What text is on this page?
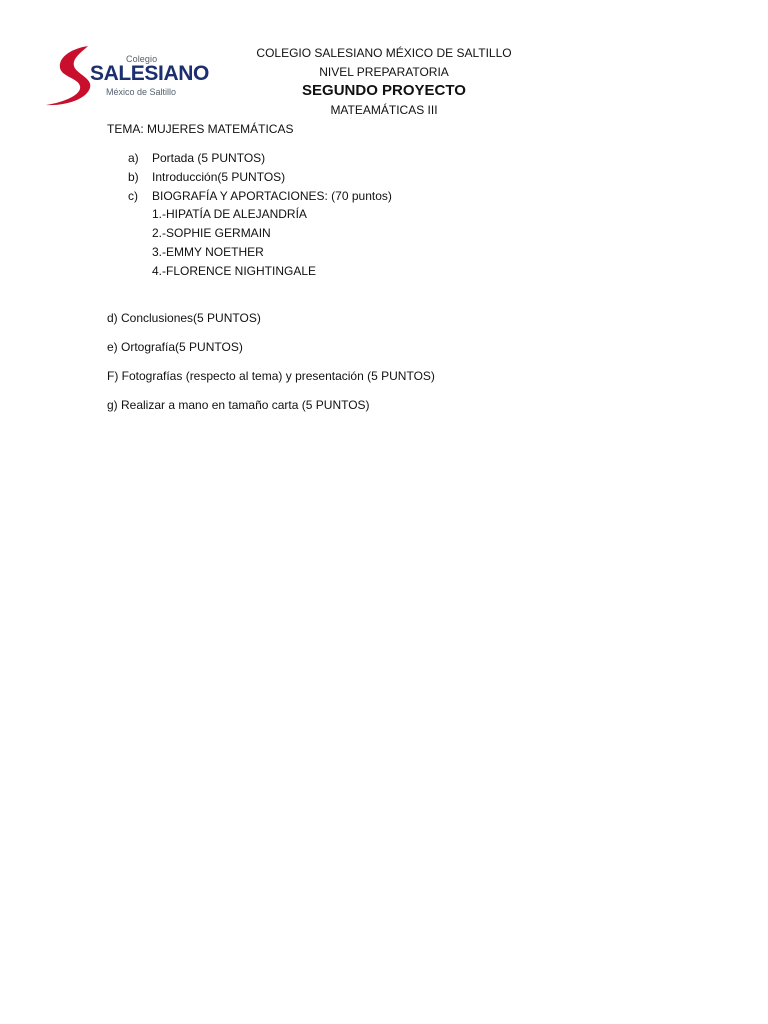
Colegio
SALESIANO
México de Saltillo
COLEGIO SALESIANO MÉXICO DE SALTILLO
NIVEL PREPARATORIA
SEGUNDO PROYECTO
MATEAMÁTICAS III
TEMA: MUJERES MATEMÁTICAS
a) Portada (5 PUNTOS)
b) Introducción(5 PUNTOS)
c) BIOGRAFÍA Y APORTACIONES: (70 puntos)
1.-HIPATÍA DE ALEJANDRÍA
2.-SOPHIE GERMAIN
3.-EMMY NOETHER
4.-FLORENCE NIGHTINGALE
d) Conclusiones(5 PUNTOS)
e) Ortografía(5 PUNTOS)
F) Fotografías (respecto al tema) y presentación (5 PUNTOS)
g) Realizar a mano en tamaño carta (5 PUNTOS)
